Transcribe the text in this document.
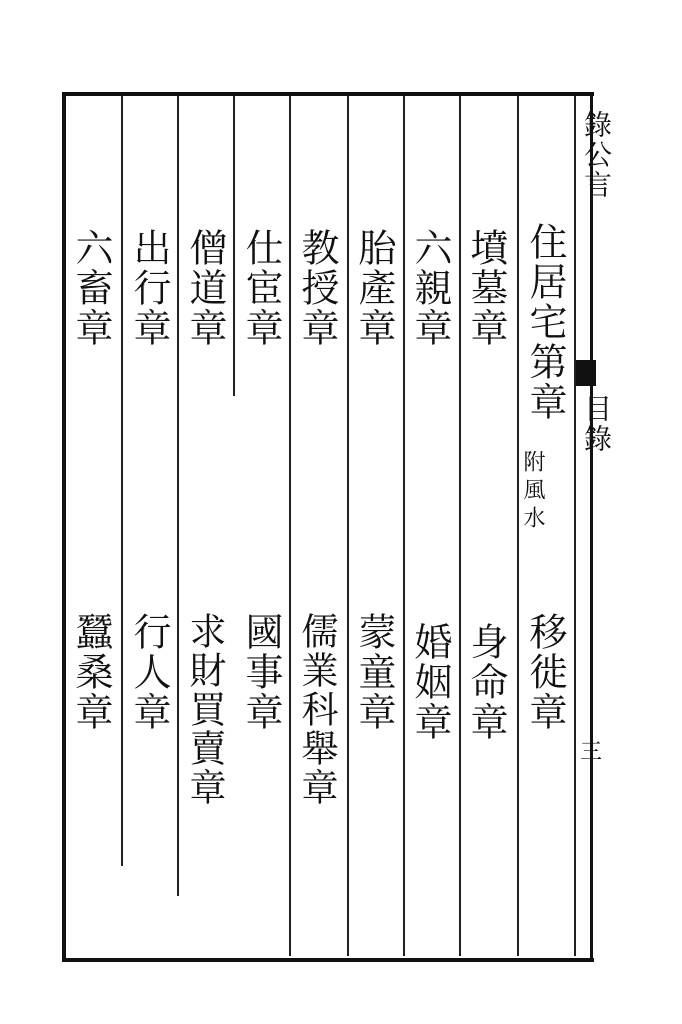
錄公言
目錄
三
住居宅第章
附風水
移徙章
墳墓章
身命章
六親章
婚姻章
胎產章
蒙童章
教授章
儒業科舉章
仕宦章
國事章
僧道章
求財買賣章
出行章
行人章
六畜章
蠶桑章
